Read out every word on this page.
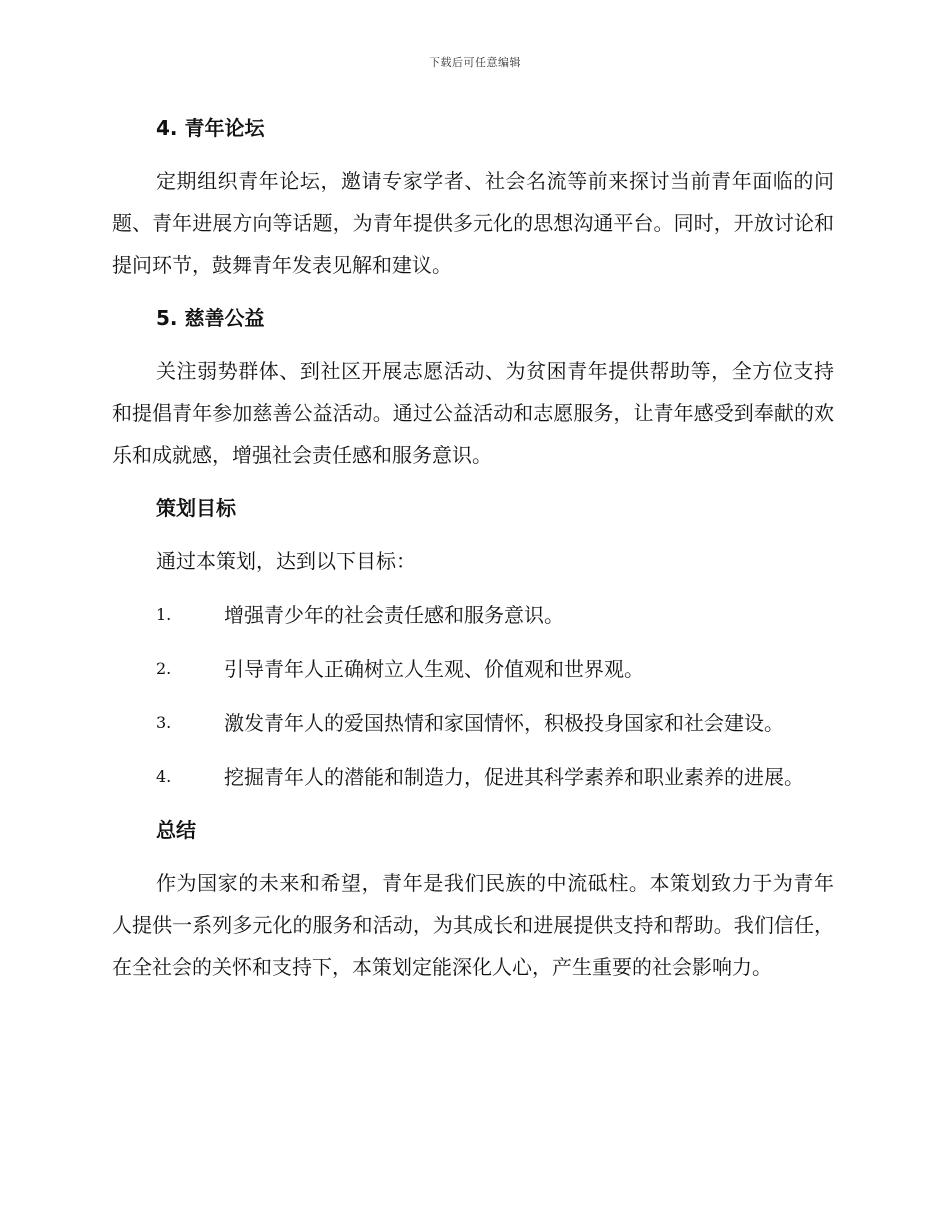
下载后可任意编辑

4. 青年论坛

定期组织青年论坛，邀请专家学者、社会名流等前来探讨当前青年面临的问题、青年进展方向等话题，为青年提供多元化的思想沟通平台。同时，开放讨论和提问环节，鼓舞青年发表见解和建议。

5. 慈善公益

关注弱势群体、到社区开展志愿活动、为贫困青年提供帮助等，全方位支持和提倡青年参加慈善公益活动。通过公益活动和志愿服务，让青年感受到奉献的欢乐和成就感，增强社会责任感和服务意识。

策划目标

通过本策划，达到以下目标：

1.	增强青少年的社会责任感和服务意识。
2.	引导青年人正确树立人生观、价值观和世界观。
3.	激发青年人的爱国热情和家国情怀，积极投身国家和社会建设。
4.	挖掘青年人的潜能和制造力，促进其科学素养和职业素养的进展。

总结

作为国家的未来和希望，青年是我们民族的中流砥柱。本策划致力于为青年人提供一系列多元化的服务和活动，为其成长和进展提供支持和帮助。我们信任，在全社会的关怀和支持下，本策划定能深化人心，产生重要的社会影响力。
